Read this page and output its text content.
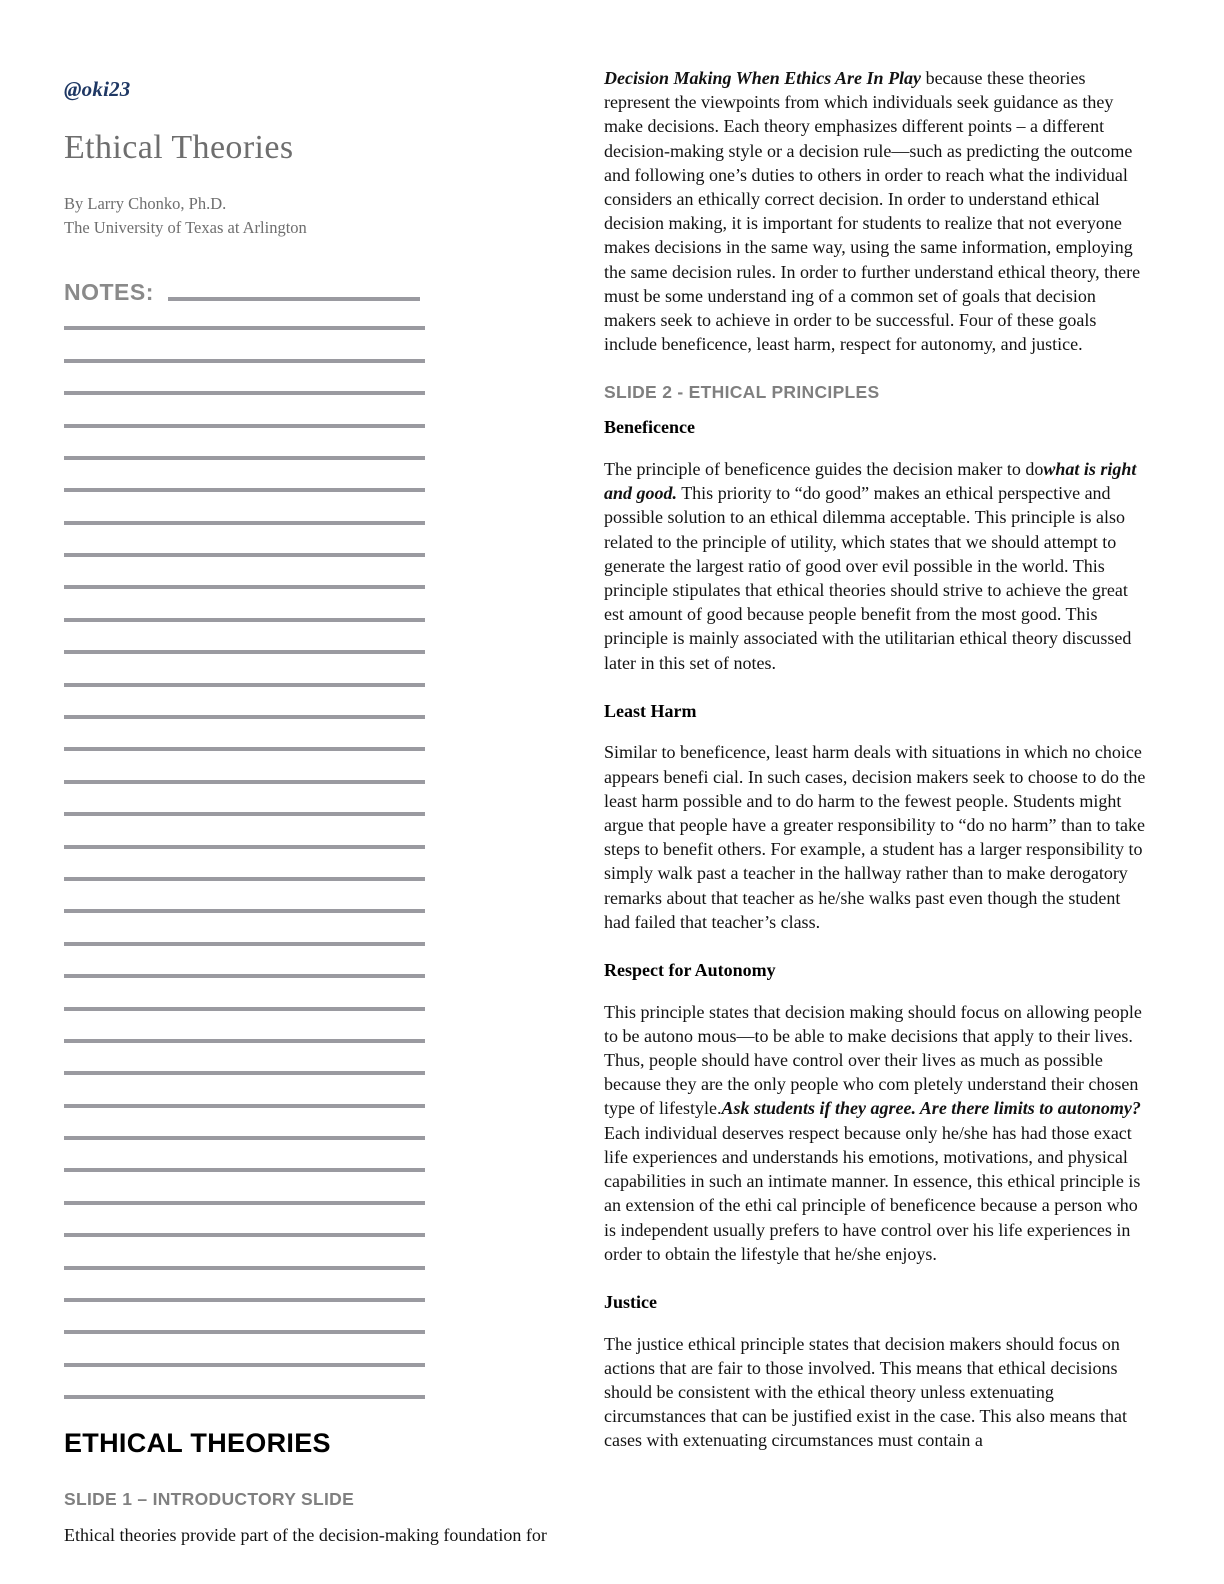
@oki23
Ethical Theories
By Larry Chonko, Ph.D.
The University of Texas at Arlington
NOTES:
ETHICAL THEORIES
SLIDE 1 – INTRODUCTORY SLIDE

Ethical theories provide part of the decision-making foundation for

Decision Making When Ethics Are In Play because these theories represent the viewpoints from which individuals seek guidance as they make decisions. Each theory emphasizes different points – a different decision-making style or a decision rule—such as predicting the outcome and following one’s duties to others in order to reach what the individual considers an ethically correct decision. In order to understand ethical decision making, it is important for students to realize that not everyone makes decisions in the same way, using the same information, employing the same decision rules. In order to further understand ethical theory, there must be some understand ing of a common set of goals that decision makers seek to achieve in order to be successful. Four of these goals include beneficence, least harm, respect for autonomy, and justice.

SLIDE 2 - ETHICAL PRINCIPLES
Beneficence

The principle of beneficence guides the decision maker to dowhat is right and good. This priority to “do good” makes an ethical perspective and possible solution to an ethical dilemma acceptable. This principle is also related to the principle of utility, which states that we should attempt to generate the largest ratio of good over evil possible in the world. This principle stipulates that ethical theories should strive to achieve the great est amount of good because people benefit from the most good. This principle is mainly associated with the utilitarian ethical theory discussed later in this set of notes.

Least Harm

Similar to beneficence, least harm deals with situations in which no choice appears benefi cial. In such cases, decision makers seek to choose to do the least harm possible and to do harm to the fewest people. Students might argue that people have a greater responsibility to “do no harm” than to take steps to benefit others. For example, a student has a larger responsibility to simply walk past a teacher in the hallway rather than to make derogatory remarks about that teacher as he/she walks past even though the student had failed that teacher’s class.

Respect for Autonomy

This principle states that decision making should focus on allowing people to be autono mous—to be able to make decisions that apply to their lives. Thus, people should have control over their lives as much as possible because they are the only people who com pletely understand their chosen type of lifestyle.Ask students if they agree. Are there limits to autonomy? Each individual deserves respect because only he/she has had those exact life experiences and understands his emotions, motivations, and physical capabilities in such an intimate manner. In essence, this ethical principle is an extension of the ethi cal principle of beneficence because a person who is independent usually prefers to have control over his life experiences in order to obtain the lifestyle that he/she enjoys.

Justice

The justice ethical principle states that decision makers should focus on actions that are fair to those involved. This means that ethical decisions should be consistent with the ethical theory unless extenuating circumstances that can be justified exist in the case. This also means that cases with extenuating circumstances must contain a
